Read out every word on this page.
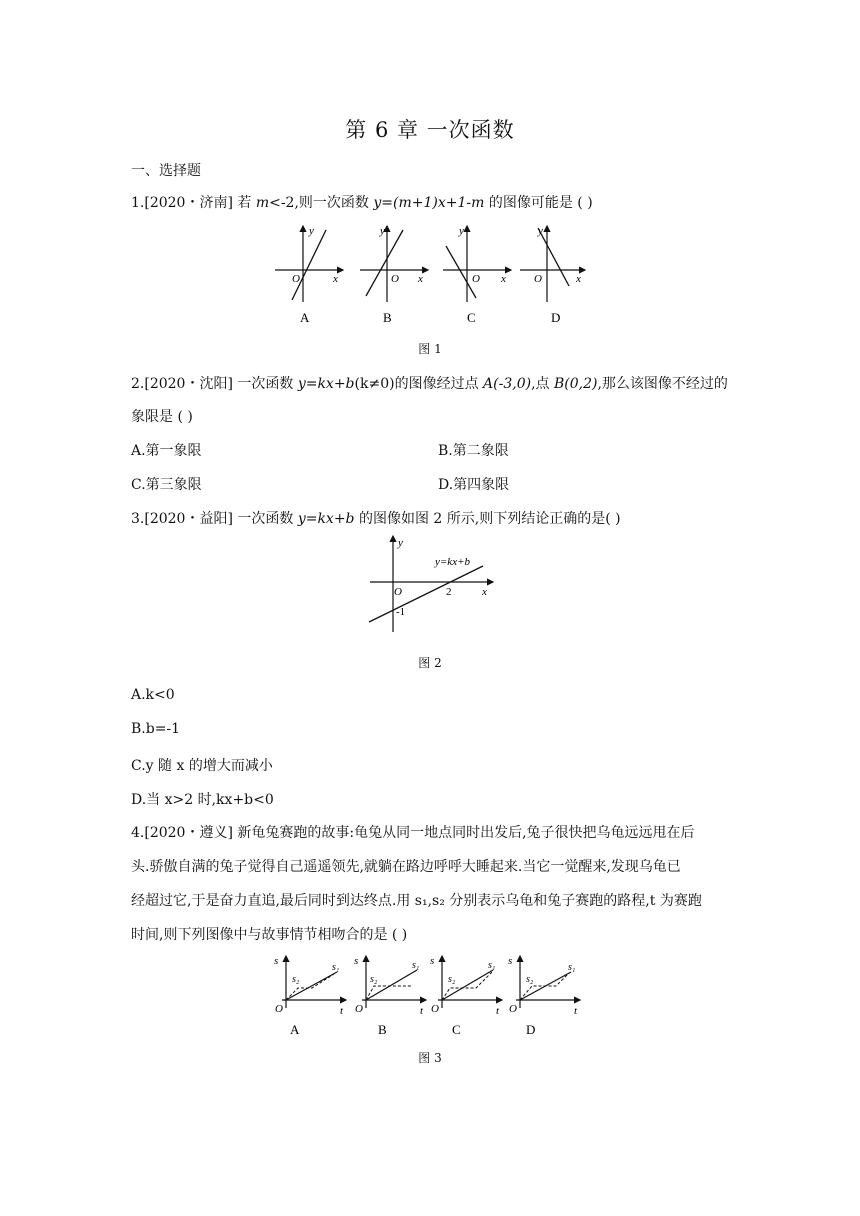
第 6 章 一次函数
一、选择题
1.[2020・济南] 若 m<-2,则一次函数 y=(m+1)x+1-m 的图像可能是 ( )
y
x
O
A
y
x
O
B
y
x
O
C
y
x
O
D
图 1
2.[2020・沈阳] 一次函数 y=kx+b(k≠0)的图像经过点 A(-3,0),点 B(0,2),那么该图像不经过的
象限是 ( )
A.第一象限	B.第二象限
C.第三象限	D.第四象限
3.[2020・益阳] 一次函数 y=kx+b 的图像如图 2 所示,则下列结论正确的是( )
y
x
O	2
-1
y=kx+b
图 2
A.k<0
B.b=-1
C.y 随 x 的增大而减小
D.当 x>2 时,kx+b<0
4.[2020・遵义] 新龟兔赛跑的故事:龟兔从同一地点同时出发后,兔子很快把乌龟远远甩在后
头.骄傲自满的兔子觉得自己遥遥领先,就躺在路边呼呼大睡起来.当它一觉醒来,发现乌龟已
经超过它,于是奋力直追,最后同时到达终点.用 s₁,s₂ 分别表示乌龟和兔子赛跑的路程,t 为赛跑
时间,则下列图像中与故事情节相吻合的是 ( )
s
t
O
s₂
s₁
A
s
t
O
s₂
s₁
B
s
t
O
s₂
s₁
C
s
t
O
s₂
s₁
D
图 3
